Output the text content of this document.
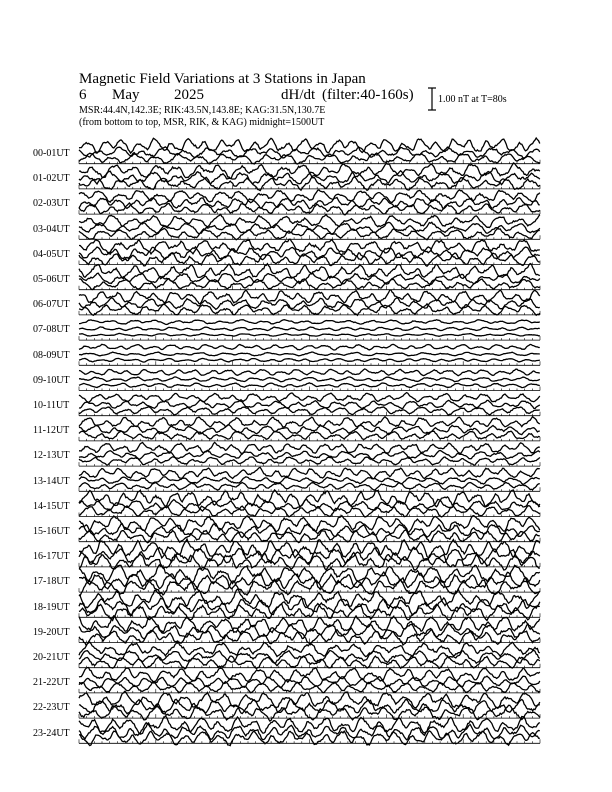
Magnetic Field Variations at 3 Stations in Japan
6 May 2025	dH/dt (filter:40-160s)
MSR:44.4N,142.3E; RIK:43.5N,143.8E; KAG:31.5N,130.7E
(from bottom to top, MSR, RIK, & KAG) midnight=1500UT
1.00 nT at T=80s
00-01UT
01-02UT
02-03UT
03-04UT
04-05UT
05-06UT
06-07UT
07-08UT
08-09UT
09-10UT
10-11UT
11-12UT
12-13UT
13-14UT
14-15UT
15-16UT
16-17UT
17-18UT
18-19UT
19-20UT
20-21UT
21-22UT
22-23UT
23-24UT
